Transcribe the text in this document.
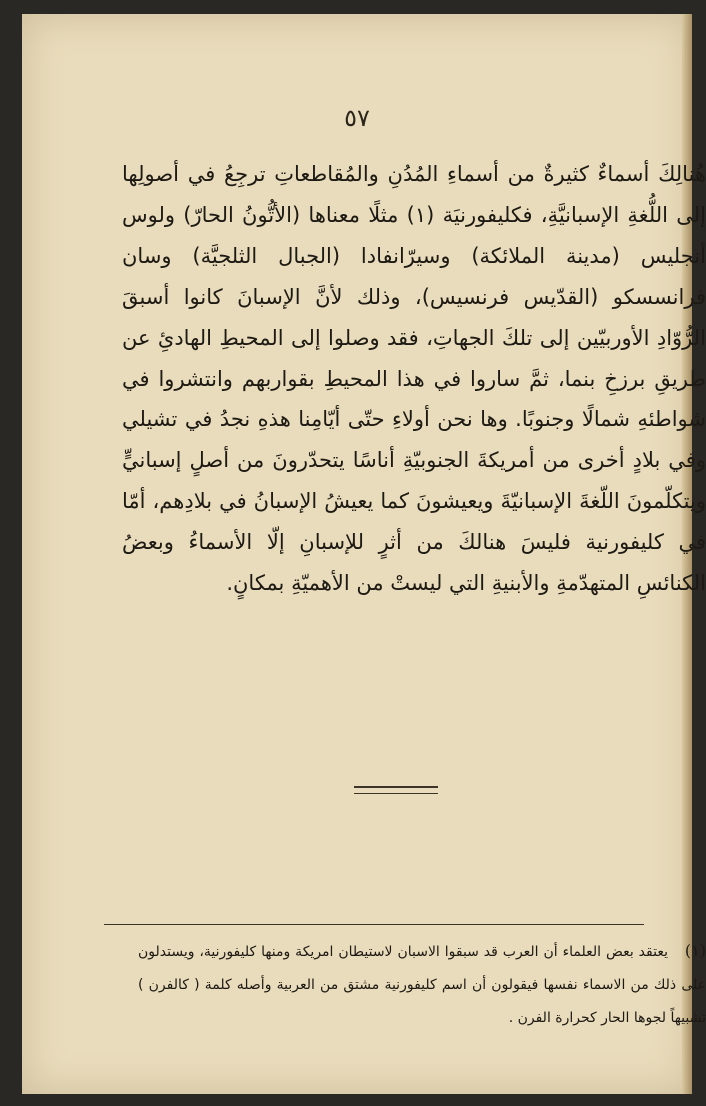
٥٧
هُنالِكَ أسماءٌ كثيرةٌ من أسماءِ المُدُنِ والمُقاطعاتِ ترجِعُ في أصولِها إلى اللُّغةِ الإسبانيَّةِ، فكليفورنيَة (١) مثلًا معناها (الأتُّونُ الحارّ) ولوس أنجليس (مدينة الملائكة) وسيرّانفادا (الجبال الثلجيَّة) وسان فرانسسكو (القدّيس فرنسيس)، وذلك لأنَّ الإسبانَ كانوا أسبقَ الرُّوّادِ الأوربيّين إلى تلكَ الجهاتِ، فقد وصلوا إلى المحيطِ الهادئِ عن طريقِ برزخِ بنما، ثمَّ ساروا في هذا المحيطِ بقواربهم وانتشروا في شواطئهِ شمالًا وجنوبًا. وها نحن أولاءِ حتّى أيّامِنا هذهِ نجدُ في تشيلي وفي بلادٍ أخرى من أمريكةَ الجنوبيّةِ أناسًا يتحدّرونَ من أصلٍ إسبانيٍّ ويتكلّمونَ اللّغةَ الإسبانيّةَ ويعيشونَ كما يعيشُ الإسبانُ في بلادِهم، أمّا في كليفورنية فليسَ هنالكَ من أثرٍ للإسبانِ إلّا الأسماءُ وبعضُ الكنائسِ المتهدّمةِ والأبنيةِ التي ليستْ من الأهميّةِ بمكانٍ.
(١) يعتقد بعض العلماء أن العرب قد سبقوا الاسبان لاستيطان امريكة ومنها كليفورنية، ويستدلون على ذلك من الاسماء نفسها فيقولون أن اسم كليفورنية مشتق من العربية وأصله كلمة ( كالفرن ) تشبيهاً لجوها الحار كحرارة الفرن .
